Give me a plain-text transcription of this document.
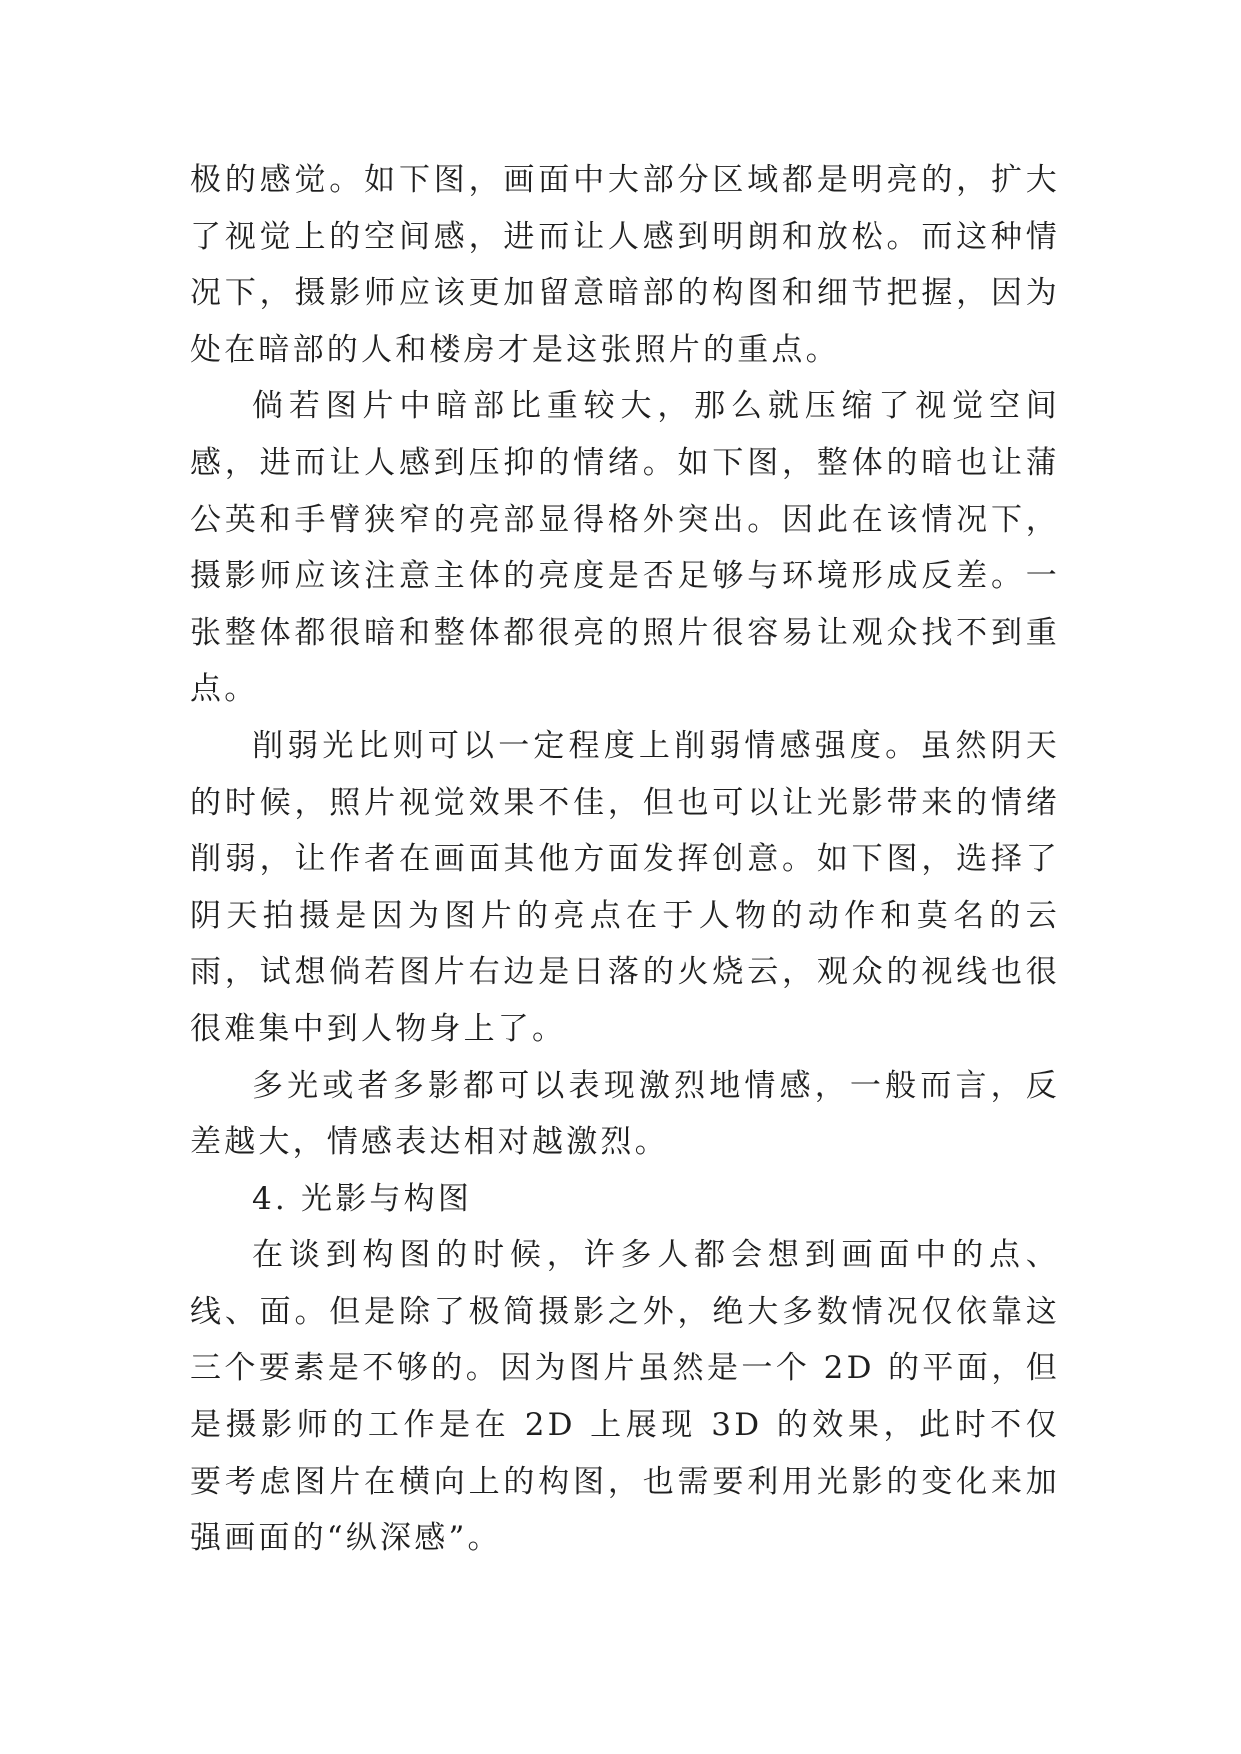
极的感觉。如下图，画面中大部分区域都是明亮的，扩大了视觉上的空间感，进而让人感到明朗和放松。而这种情况下，摄影师应该更加留意暗部的构图和细节把握，因为处在暗部的人和楼房才是这张照片的重点。

倘若图片中暗部比重较大，那么就压缩了视觉空间感，进而让人感到压抑的情绪。如下图，整体的暗也让蒲公英和手臂狭窄的亮部显得格外突出。因此在该情况下，摄影师应该注意主体的亮度是否足够与环境形成反差。一张整体都很暗和整体都很亮的照片很容易让观众找不到重点。

削弱光比则可以一定程度上削弱情感强度。虽然阴天的时候，照片视觉效果不佳，但也可以让光影带来的情绪削弱，让作者在画面其他方面发挥创意。如下图，选择了阴天拍摄是因为图片的亮点在于人物的动作和莫名的云雨，试想倘若图片右边是日落的火烧云，观众的视线也很很难集中到人物身上了。

多光或者多影都可以表现激烈地情感，一般而言，反差越大，情感表达相对越激烈。

4. 光影与构图

在谈到构图的时候，许多人都会想到画面中的点、线、面。但是除了极简摄影之外，绝大多数情况仅依靠这三个要素是不够的。因为图片虽然是一个 2D 的平面，但是摄影师的工作是在 2D 上展现 3D 的效果，此时不仅要考虑图片在横向上的构图，也需要利用光影的变化来加强画面的“纵深感”。
